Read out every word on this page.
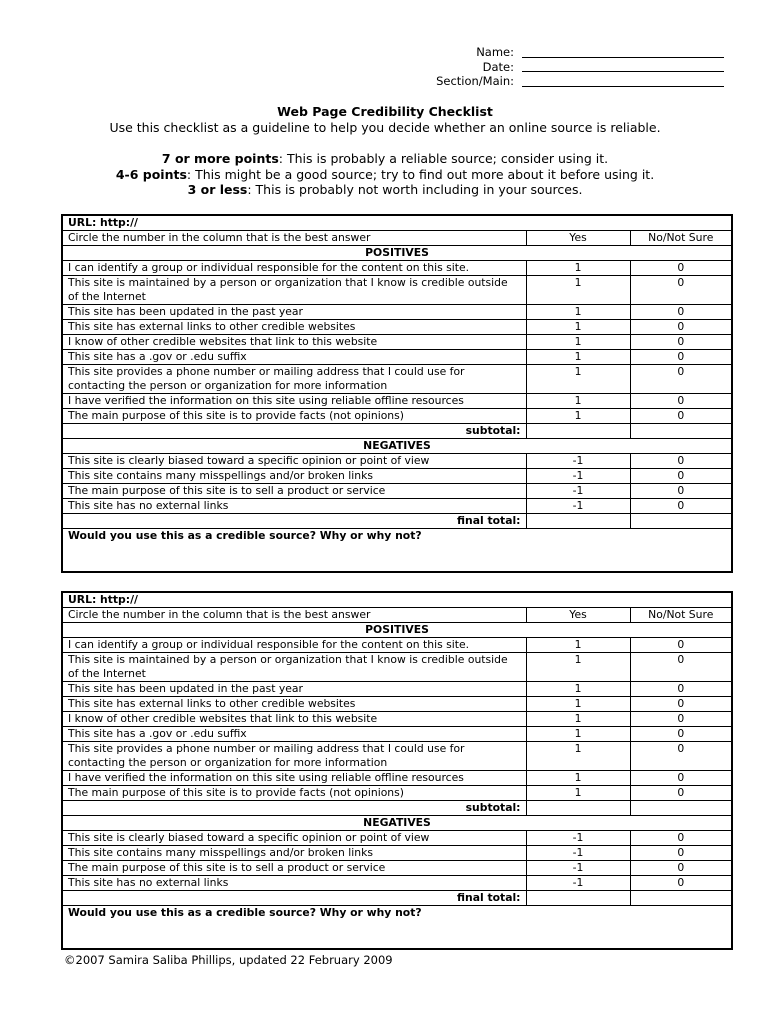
Name:
Date:
Section/Main:
Web Page Credibility Checklist
Use this checklist as a guideline to help you decide whether an online source is reliable.
7 or more points: This is probably a reliable source; consider using it.
4-6 points: This might be a good source; try to find out more about it before using it.
3 or less: This is probably not worth including in your sources.
URL: http://		
Circle the number in the column that is the best answer	Yes	No/Not Sure
POSITIVES		
I can identify a group or individual responsible for the content on this site.	1	0
This site is maintained by a person or organization that I know is credible outside of the Internet	1	0
This site has been updated in the past year	1	0
This site has external links to other credible websites	1	0
I know of other credible websites that link to this website	1	0
This site has a .gov or .edu suffix	1	0
This site provides a phone number or mailing address that I could use for contacting the person or organization for more information	1	0
I have verified the information on this site using reliable offline resources	1	0
The main purpose of this site is to provide facts (not opinions)	1	0
subtotal:		
NEGATIVES		
This site is clearly biased toward a specific opinion or point of view	-1	0
This site contains many misspellings and/or broken links	-1	0
The main purpose of this site is to sell a product or service	-1	0
This site has no external links	-1	0
final total:		
Would you use this as a credible source? Why or why not?		
URL: http://		
Circle the number in the column that is the best answer	Yes	No/Not Sure
POSITIVES		
I can identify a group or individual responsible for the content on this site.	1	0
This site is maintained by a person or organization that I know is credible outside of the Internet	1	0
This site has been updated in the past year	1	0
This site has external links to other credible websites	1	0
I know of other credible websites that link to this website	1	0
This site has a .gov or .edu suffix	1	0
This site provides a phone number or mailing address that I could use for contacting the person or organization for more information	1	0
I have verified the information on this site using reliable offline resources	1	0
The main purpose of this site is to provide facts (not opinions)	1	0
subtotal:		
NEGATIVES		
This site is clearly biased toward a specific opinion or point of view	-1	0
This site contains many misspellings and/or broken links	-1	0
The main purpose of this site is to sell a product or service	-1	0
This site has no external links	-1	0
final total:		
Would you use this as a credible source? Why or why not?		
©2007 Samira Saliba Phillips, updated 22 February 2009
